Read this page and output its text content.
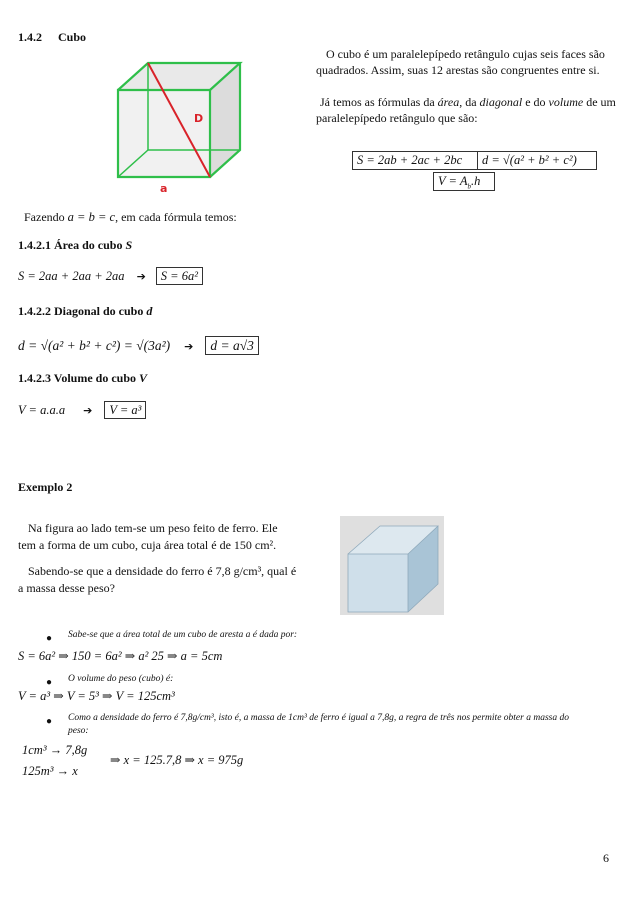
1.4.2 Cubo
D
a
O cubo é um paralelepípedo retângulo cujas seis faces são quadrados. Assim, suas 12 arestas são congruentes entre si.
Já temos as fórmulas da área, da diagonal e do volume de um paralelepípedo retângulo que são:
S = 2ab + 2ac + 2bc	d = √(a² + b² + c²)
$V = A_b.h$
Fazendo a = b = c, em cada fórmula temos:
1.4.2.1 Área do cubo S
S = 2aa + 2aa + 2aa ➔ S = 6a²
1.4.2.2 Diagonal do cubo d
d = √(a² + b² + c²) = √(3a²) ➔ d = a√3
1.4.2.3 Volume do cubo V
V = a.a.a ➔ V = a³
Exemplo 2
Na figura ao lado tem-se um peso feito de ferro. Ele tem a forma de um cubo, cuja área total é de 150 cm².
Sabendo-se que a densidade do ferro é 7,8 g/cm³, qual é a massa desse peso?
● Sabe-se que a área total de um cubo de aresta a é dada por:
S = 6a² ⇒ 150 = 6a² ⇒ a² 25 ⇒ a = 5cm
● O volume do peso (cubo) é:
V = a³ ⇒ V = 5³ ⇒ V = 125cm³
● Como a densidade do ferro é 7,8g/cm³, isto é, a massa de 1cm³ de ferro é igual a 7,8g, a regra de três nos permite obter a massa do peso:
1cm³ → 7,8g
125m³ → x
⇒ x = 125.7,8 ⇒ x = 975g
6
